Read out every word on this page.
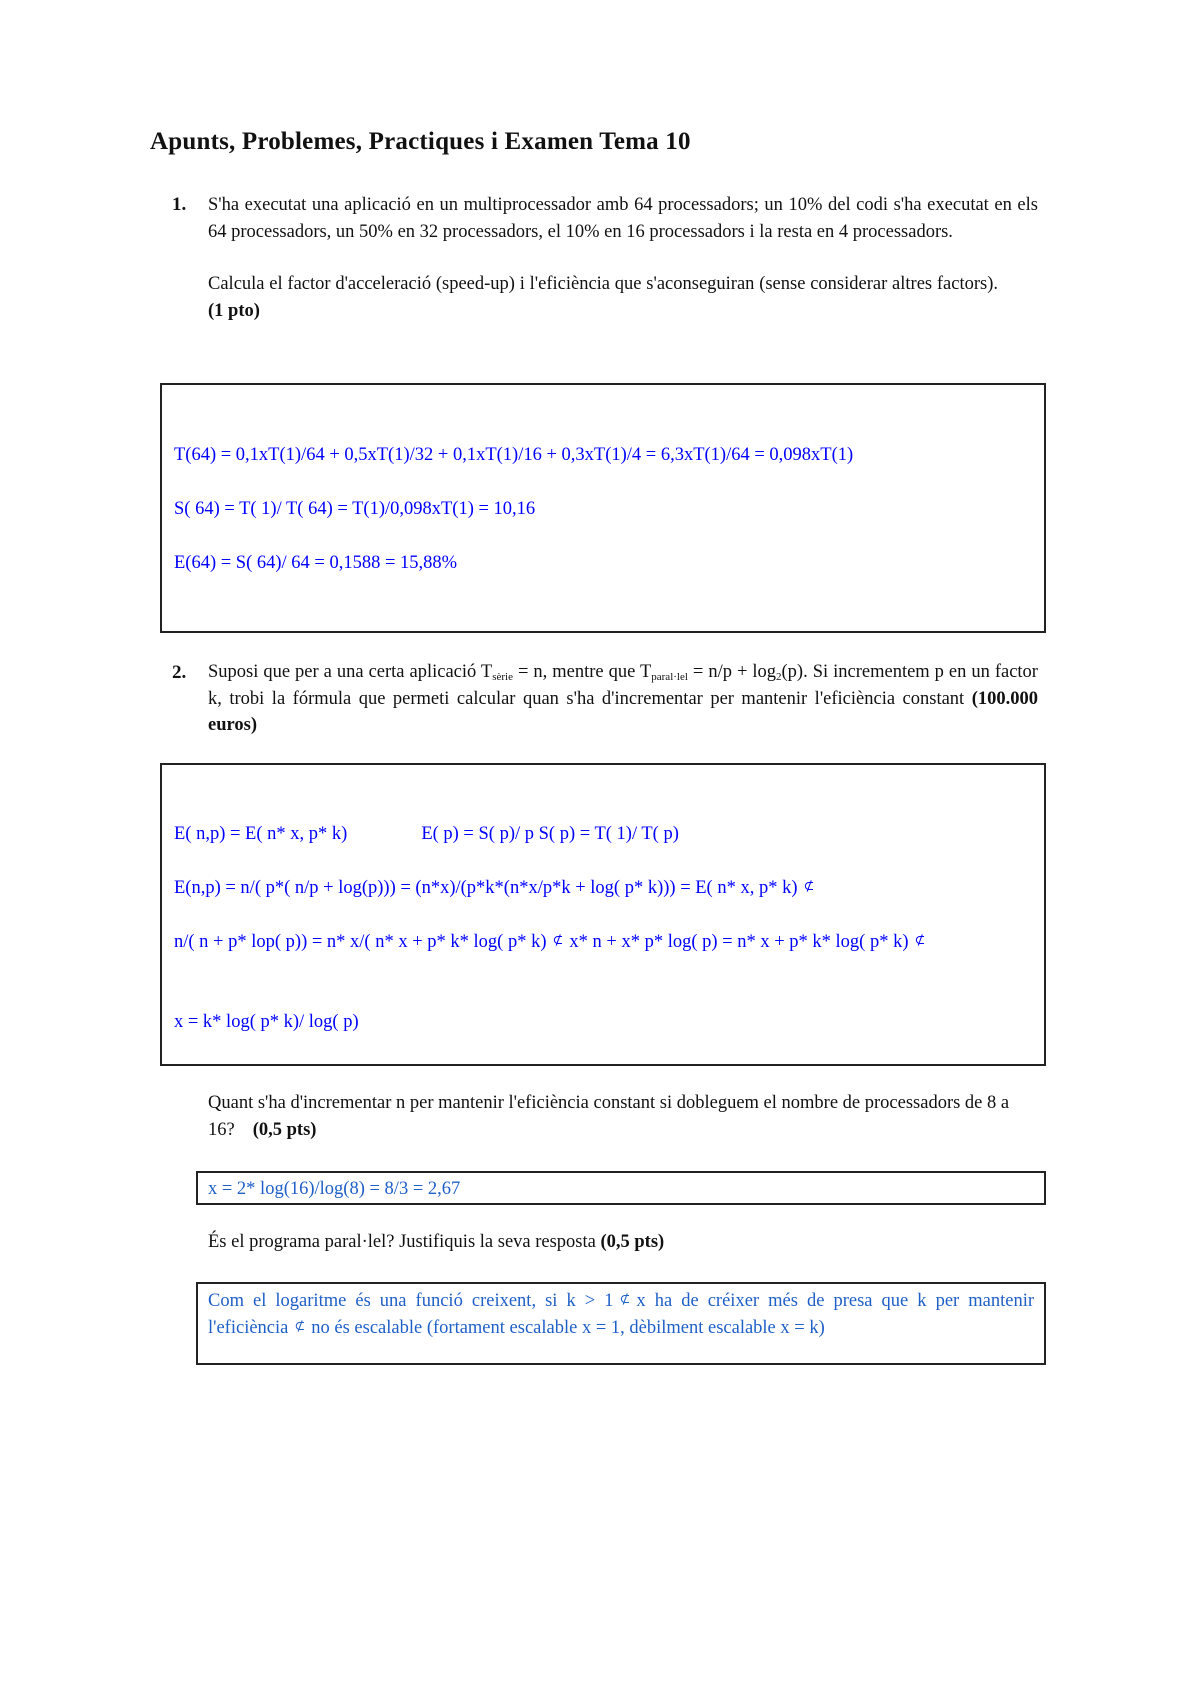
Apunts, Problemes, Practiques i Examen Tema 10
1. S'ha executat una aplicació en un multiprocessador amb 64 processadors; un 10% del codi s'ha executat en els 64 processadors, un 50% en 32 processadors, el 10% en 16 processadors i la resta en 4 processadors.

Calcula el factor d'acceleració (speed-up) i l'eficiència que s'aconseguiran (sense considerar altres factors).(1 pto)

T(64) = 0,1xT(1)/64 + 0,5xT(1)/32 + 0,1xT(1)/16 + 0,3xT(1)/4 = 6,3xT(1)/64 = 0,098xT(1)
S( 64) = T( 1)/ T( 64) = T(1)/0,098xT(1) = 10,16
E(64) = S( 64)/ 64 = 0,1588 = 15,88%
2. Suposi que per a una certa aplicació $T_{sèrie} = n$, mentre que $T_{paral\cdot lel} = n/p + \log_2(p)$. Si incrementem p en un factor k, trobi la fórmula que permeti calcular quan s'ha d'incrementar per mantenir l'eficiència constant (100.000 euros)

E( n,p) = E( n* x, p* k)	E( p) = S( p)/ p S( p) = T( 1)/ T( p)
E(n,p) = n/( p*( n/p + log(p))) = (n*x)/(p*k*(n*x/p*k + log( p* k))) = E( n* x, p* k) ⊄
n/( n + p* lop( p)) = n* x/( n* x + p* k* log( p* k) ⊄ x* n + x* p* log( p) = n* x + p* k* log( p* k) ⊄
x = k* log( p* k)/ log( p)

Quant s'ha d'incrementar n per mantenir l'eficiència constant si dobleguem el nombre de processadors de 8 a 16? (0,5 pts)

x = 2* log(16)/log(8) = 8/3 = 2,67

És el programa paral·lel? Justifiquis la seva resposta (0,5 pts)

Com el logaritme és una funció creixent, si k > 1 ⊄ x ha de créixer més de presa que k per mantenir l'eficiència ⊄ no és escalable (fortament escalable x = 1, dèbilment escalable x = k)
